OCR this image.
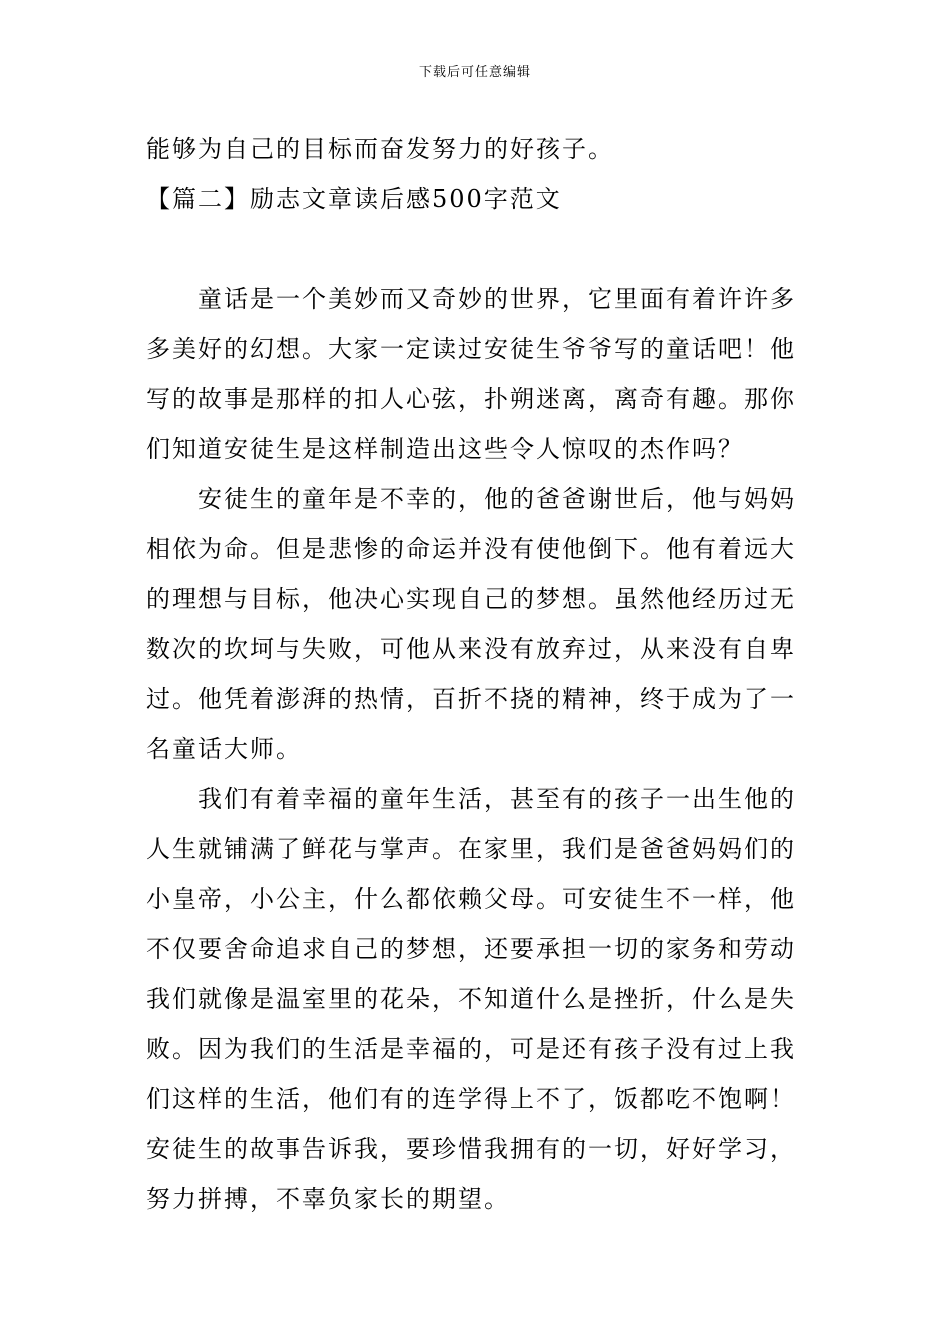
下载后可任意编辑
能够为自己的目标而奋发努力的好孩子。
【篇二】励志文章读后感500字范文
童话是一个美妙而又奇妙的世界，它里面有着许许多
多美好的幻想。大家一定读过安徒生爷爷写的童话吧！他
写的故事是那样的扣人心弦，扑朔迷离，离奇有趣。那你
们知道安徒生是这样制造出这些令人惊叹的杰作吗？
安徒生的童年是不幸的，他的爸爸谢世后，他与妈妈
相依为命。但是悲惨的命运并没有使他倒下。他有着远大
的理想与目标，他决心实现自己的梦想。虽然他经历过无
数次的坎坷与失败，可他从来没有放弃过，从来没有自卑
过。他凭着澎湃的热情，百折不挠的精神，终于成为了一
名童话大师。
我们有着幸福的童年生活，甚至有的孩子一出生他的
人生就铺满了鲜花与掌声。在家里，我们是爸爸妈妈们的
小皇帝，小公主，什么都依赖父母。可安徒生不一样，他
不仅要舍命追求自己的梦想，还要承担一切的家务和劳动
我们就像是温室里的花朵，不知道什么是挫折，什么是失
败。因为我们的生活是幸福的，可是还有孩子没有过上我
们这样的生活，他们有的连学得上不了，饭都吃不饱啊！
安徒生的故事告诉我，要珍惜我拥有的一切，好好学习，
努力拼搏，不辜负家长的期望。
